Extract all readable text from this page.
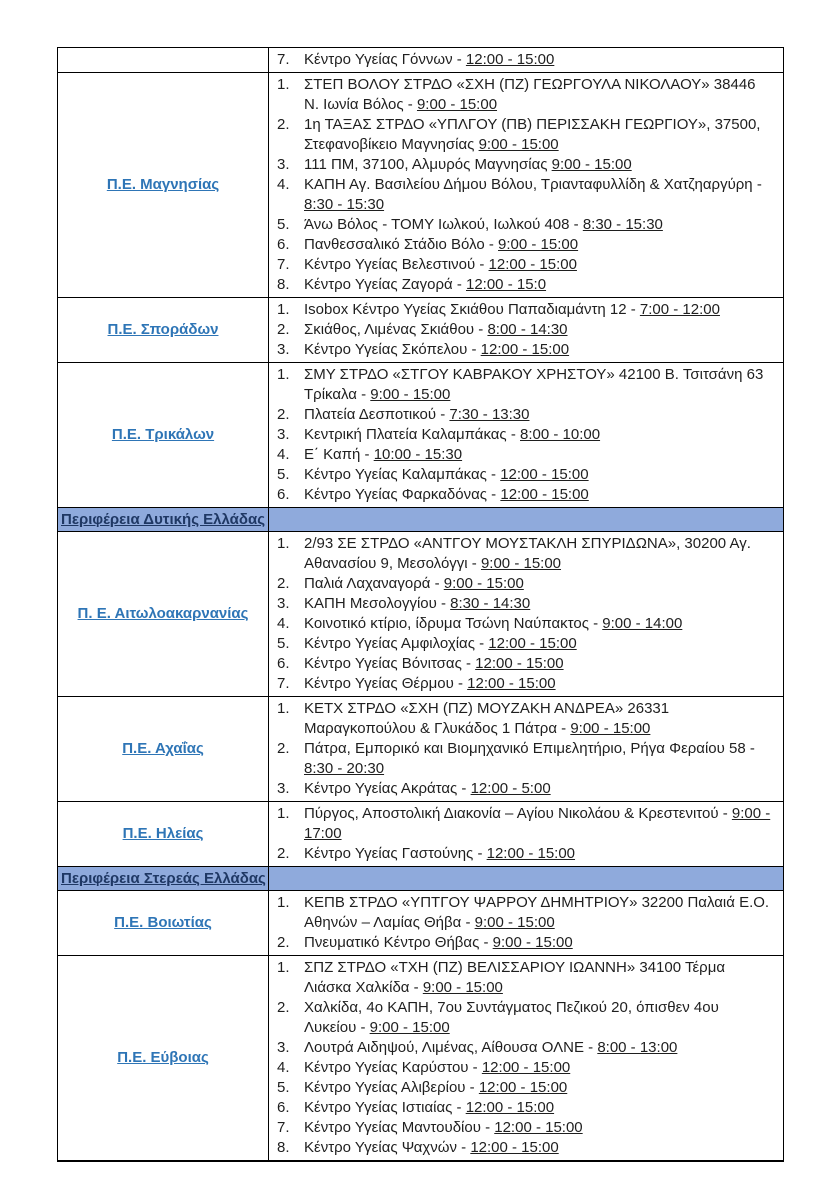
	7. Κέντρο Υγείας Γόννων - 12:00 - 15:00

Π.Ε. Μαγνησίας	
1. ΣΤΕΠ ΒΟΛΟΥ ΣΤΡΔΟ «ΣΧΗ (ΠΖ) ΓΕΩΡΓΟΥΛΑ ΝΙΚΟΛΑΟΥ» 38446 Ν. Ιωνία Βόλος - 9:00 - 15:00
2. 1η ΤΑΞΑΣ ΣΤΡΔΟ «ΥΠΛΓΟΥ (ΠΒ) ΠΕΡΙΣΣΑΚΗ ΓΕΩΡΓΙΟΥ», 37500, Στεφανοβίκειο Μαγνησίας 9:00 - 15:00
3. 111 ΠΜ, 37100, Αλμυρός Μαγνησίας 9:00 - 15:00
4. ΚΑΠΗ Αγ. Βασιλείου Δήμου Βόλου, Τριανταφυλλίδη & Χατζηαργύρη - 8:30 - 15:30
5. Άνω Βόλος - ΤΟΜΥ Ιωλκού, Ιωλκού 408 - 8:30 - 15:30
6. Πανθεσσαλικό Στάδιο Βόλο - 9:00 - 15:00
7. Κέντρο Υγείας Βελεστινού - 12:00 - 15:00
8. Κέντρο Υγείας Ζαγορά - 12:00 - 15:0

Π.Ε. Σποράδων	
1. Isobox Κέντρο Υγείας Σκιάθου Παπαδιαμάντη 12 - 7:00 - 12:00
2. Σκιάθος, Λιμένας Σκιάθου - 8:00 - 14:30
3. Κέντρο Υγείας Σκόπελου - 12:00 - 15:00

Π.Ε. Τρικάλων	
1. ΣΜΥ ΣΤΡΔΟ «ΣΤΓΟΥ ΚΑΒΡΑΚΟΥ ΧΡΗΣΤΟΥ» 42100 Β. Τσιτσάνη 63 Τρίκαλα - 9:00 - 15:00
2. Πλατεία Δεσποτικού - 7:30 - 13:30
3. Κεντρική Πλατεία Καλαμπάκας - 8:00 - 10:00
4. Ε΄ Καπή - 10:00 - 15:30
5. Κέντρο Υγείας Καλαμπάκας - 12:00 - 15:00
6. Κέντρο Υγείας Φαρκαδόνας - 12:00 - 15:00

Περιφέρεια Δυτικής Ελλάδας	
Π. Ε. Αιτωλοακαρνανίας	
1. 2/93 ΣΕ ΣΤΡΔΟ «ΑΝΤΓΟΥ ΜΟΥΣΤΑΚΛΗ ΣΠΥΡΙΔΩΝΑ», 30200 Αγ. Αθανασίου 9, Μεσολόγγι - 9:00 - 15:00
2. Παλιά Λαχαναγορά - 9:00 - 15:00
3. ΚΑΠΗ Μεσολογγίου - 8:30 - 14:30
4. Κοινοτικό κτίριο, ίδρυμα Τσώνη Ναύπακτος - 9:00 - 14:00
5. Κέντρο Υγείας Αμφιλοχίας - 12:00 - 15:00
6. Κέντρο Υγείας Βόνιτσας - 12:00 - 15:00
7. Κέντρο Υγείας Θέρμου - 12:00 - 15:00

Π.Ε. Αχαΐας	
1. ΚΕΤΧ ΣΤΡΔΟ «ΣΧΗ (ΠΖ) ΜΟΥΖΑΚΗ ΑΝΔΡΕΑ» 26331 Μαραγκοπούλου & Γλυκάδος 1 Πάτρα - 9:00 - 15:00
2. Πάτρα, Εμπορικό και Βιομηχανικό Επιμελητήριο, Ρήγα Φεραίου 58 - 8:30 - 20:30
3. Κέντρο Υγείας Ακράτας - 12:00 - 5:00

Π.Ε. Ηλείας	1. Πύργος, Αποστολική Διακονία – Αγίου Νικολάου & Κρεστενιτού - 9:00 - 17:00
2. Κέντρο Υγείας Γαστούνης - 12:00 - 15:00

Περιφέρεια Στερεάς Ελλάδας	
Π.Ε. Βοιωτίας	1. ΚΕΠΒ ΣΤΡΔΟ «ΥΠΤΓΟΥ ΨΑΡΡΟΥ ΔΗΜΗΤΡΙΟΥ» 32200 Παλαιά Ε.Ο. Αθηνών – Λαμίας Θήβα - 9:00 - 15:00
2. Πνευματικό Κέντρο Θήβας - 9:00 - 15:00

Π.Ε. Εύβοιας	
1. ΣΠΖ ΣΤΡΔΟ «ΤΧΗ (ΠΖ) ΒΕΛΙΣΣΑΡΙΟΥ ΙΩΑΝΝΗ» 34100 Τέρμα Λιάσκα Χαλκίδα - 9:00 - 15:00
2. Χαλκίδα, 4ο ΚΑΠΗ, 7ου Συντάγματος Πεζικού 20, όπισθεν 4ου Λυκείου - 9:00 - 15:00
3. Λουτρά Αιδηψού, Λιμένας, Αίθουσα ΟΛΝΕ - 8:00 - 13:00
4. Κέντρο Υγείας Καρύστου - 12:00 - 15:00
5. Κέντρο Υγείας Αλιβερίου - 12:00 - 15:00
6. Κέντρο Υγείας Ιστιαίας - 12:00 - 15:00
7. Κέντρο Υγείας Μαντουδίου - 12:00 - 15:00
8. Κέντρο Υγείας Ψαχνών - 12:00 - 15:00
